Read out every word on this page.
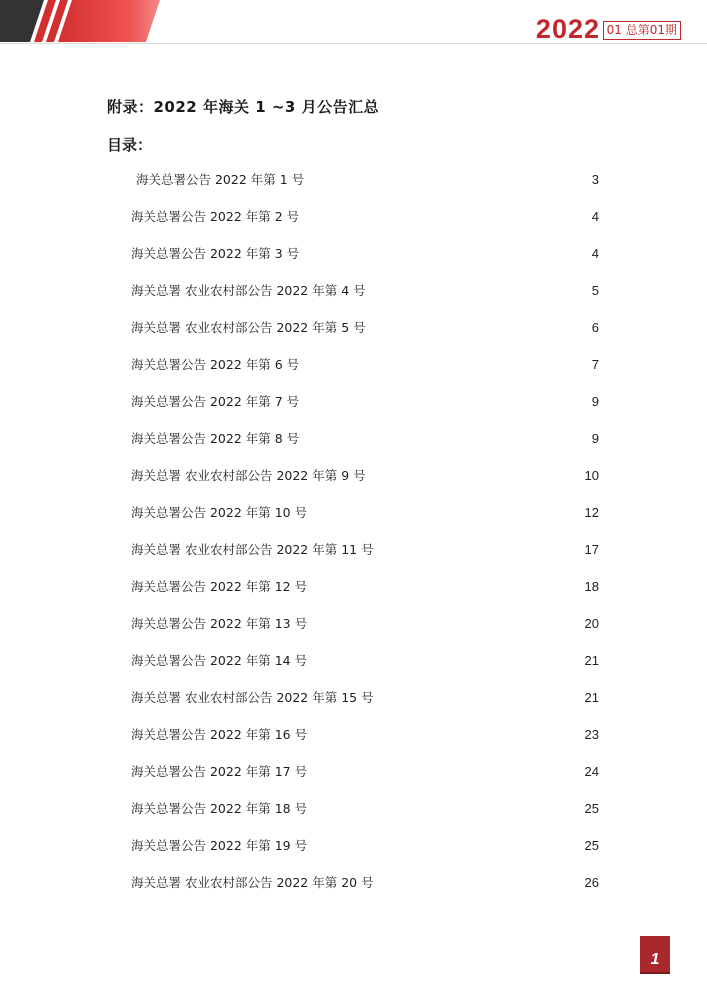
2022 01 总第01期
附录：2022 年海关 1 ~3 月公告汇总
目录：
海关总署公告 2022 年第 1 号	3
海关总署公告 2022 年第 2 号	4
海关总署公告 2022 年第 3 号	4
海关总署 农业农村部公告 2022 年第 4 号	5
海关总署 农业农村部公告 2022 年第 5 号	6
海关总署公告 2022 年第 6 号	7
海关总署公告 2022 年第 7 号	9
海关总署公告 2022 年第 8 号	9
海关总署 农业农村部公告 2022 年第 9 号	10
海关总署公告 2022 年第 10 号	12
海关总署 农业农村部公告 2022 年第 11 号	17
海关总署公告 2022 年第 12 号	18
海关总署公告 2022 年第 13 号	20
海关总署公告 2022 年第 14 号	21
海关总署 农业农村部公告 2022 年第 15 号	21
海关总署公告 2022 年第 16 号	23
海关总署公告 2022 年第 17 号	24
海关总署公告 2022 年第 18 号	25
海关总署公告 2022 年第 19 号	25
海关总署 农业农村部公告 2022 年第 20 号	26
1
